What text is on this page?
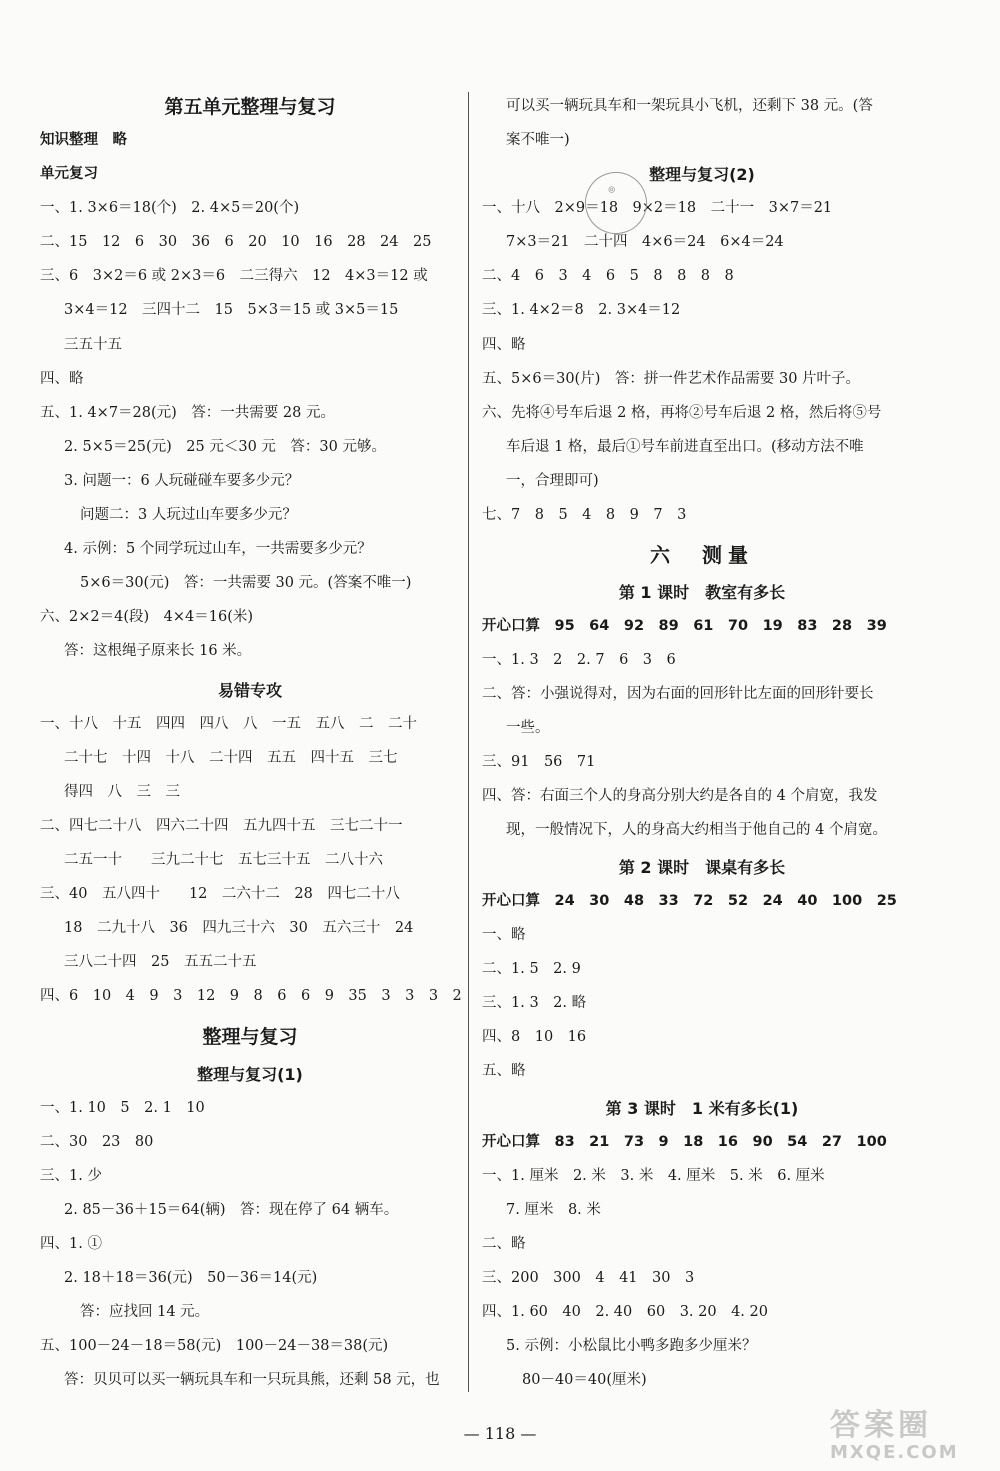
第五单元整理与复习
知识整理　略
单元复习
一、1. 3×6＝18(个)　2. 4×5＝20(个)
二、15　12　6　30　36　6　20　10　16　28　24　25
三、6　3×2＝6 或 2×3＝6　二三得六　12　4×3＝12 或
3×4＝12　三四十二　15　5×3＝15 或 3×5＝15
三五十五
四、略
五、1. 4×7＝28(元)　答：一共需要 28 元。
2. 5×5＝25(元)　25 元＜30 元　答：30 元够。
3. 问题一：6 人玩碰碰车要多少元？
问题二：3 人玩过山车要多少元？
4. 示例：5 个同学玩过山车，一共需要多少元？
5×6＝30(元)　答：一共需要 30 元。(答案不唯一)
六、2×2＝4(段)　4×4＝16(米)
答：这根绳子原来长 16 米。
易错专攻
一、十八　十五　四四　四八　八　一五　五八　二　二十
二十七　十四　十八　二十四　五五　四十五　三七
得四　八　三　三
二、四七二十八　四六二十四　五九四十五　三七二十一
二五一十　　三九二十七　五七三十五　二八十六
三、40　五八四十　　12　二六十二　28　四七二十八
18　二九十八　36　四九三十六　30　五六三十　24
三八二十四　25　五五二十五
四、6　10　4　9　3　12　9　8　6　6　9　35　3　3　3　2
整理与复习
整理与复习(1)
一、1. 10　5　2. 1　10
二、30　23　80
三、1. 少
2. 85－36＋15＝64(辆)　答：现在停了 64 辆车。
四、1. ①
2. 18＋18＝36(元)　50－36＝14(元)
答：应找回 14 元。
五、100－24－18＝58(元)　100－24－38＝38(元)
答：贝贝可以买一辆玩具车和一只玩具熊，还剩 58 元，也
可以买一辆玩具车和一架玩具小飞机，还剩下 38 元。(答
案不唯一)
整理与复习(2)
一、十八　2×9＝18　9×2＝18　二十一　3×7＝21
7×3＝21　二十四　4×6＝24　6×4＝24
二、4　6　3　4　6　5　8　8　8　8
三、1. 4×2＝8　2. 3×4＝12
四、略
五、5×6＝30(片)　答：拼一件艺术作品需要 30 片叶子。
六、先将④号车后退 2 格，再将②号车后退 2 格，然后将⑤号
车后退 1 格，最后①号车前进直至出口。(移动方法不唯
一，合理即可)
七、7　8　5　4　8　9　7　3
六　测量
第 1 课时　教室有多长
开心口算　95　64　92　89　61　70　19　83　28　39
一、1. 3　2　2. 7　6　3　6
二、答：小强说得对，因为右面的回形针比左面的回形针要长
一些。
三、91　56　71
四、答：右面三个人的身高分别大约是各自的 4 个肩宽，我发
现，一般情况下，人的身高大约相当于他自己的 4 个肩宽。
第 2 课时　课桌有多长
开心口算　24　30　48　33　72　52　24　40　100　25
一、略
二、1. 5　2. 9
三、1. 3　2. 略
四、8　10　16
五、略
第 3 课时　1 米有多长(1)
开心口算　83　21　73　9　18　16　90　54　27　100
一、1. 厘米　2. 米　3. 米　4. 厘米　5. 米　6. 厘米
7. 厘米　8. 米
二、略
三、200　300　4　41　30　3
四、1. 60　40　2. 40　60　3. 20　4. 20
5. 示例：小松鼠比小鸭多跑多少厘米？
80－40＝40(厘米)
◎
— 118 —	答案圈
MXQE.COM
